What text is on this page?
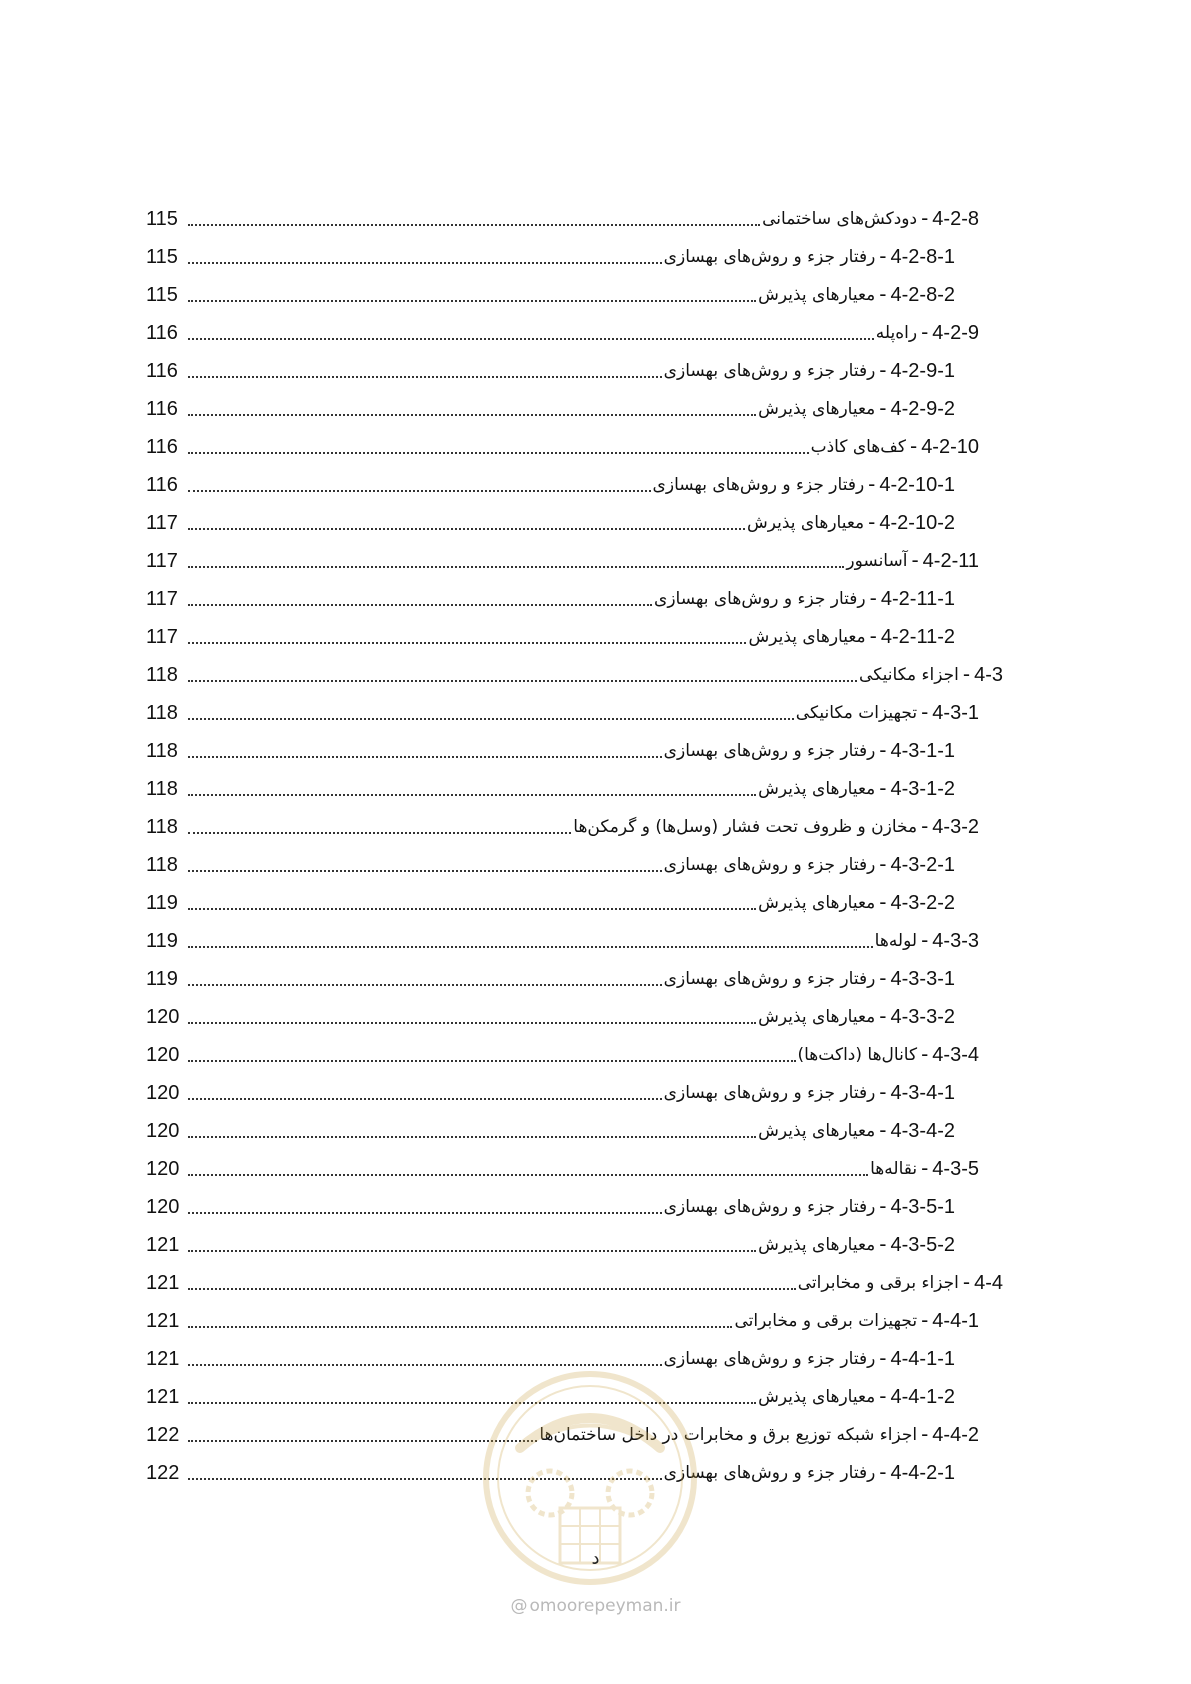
4-2-8
-
دودکش‌های ساختمانی
115
4-2-8-1
-
رفتار جزء و روش‌های بهسازی
115
4-2-8-2
-
معیارهای پذیرش
115
4-2-9
-
راه‌پله
116
4-2-9-1
-
رفتار جزء و روش‌های بهسازی
116
4-2-9-2
-
معیارهای پذیرش
116
4-2-10
-
کف‌های کاذب
116
4-2-10-1
-
رفتار جزء و روش‌های بهسازی
116
4-2-10-2
-
معیارهای پذیرش
117
4-2-11
-
آسانسور
117
4-2-11-1
-
رفتار جزء و روش‌های بهسازی
117
4-2-11-2
-
معیارهای پذیرش
117
4-3
-
اجزاء مکانیکی
118
4-3-1
-
تجهیزات مکانیکی
118
4-3-1-1
-
رفتار جزء و روش‌های بهسازی
118
4-3-1-2
-
معیارهای پذیرش
118
4-3-2
-
مخازن و ظروف تحت فشار (وسل‌ها) و گرمکن‌ها
118
4-3-2-1
-
رفتار جزء و روش‌های بهسازی
118
4-3-2-2
-
معیارهای پذیرش
119
4-3-3
-
لوله‌ها
119
4-3-3-1
-
رفتار جزء و روش‌های بهسازی
119
4-3-3-2
-
معیارهای پذیرش
120
4-3-4
-
کانال‌ها (داکت‌ها)
120
4-3-4-1
-
رفتار جزء و روش‌های بهسازی
120
4-3-4-2
-
معیارهای پذیرش
120
4-3-5
-
نقاله‌ها
120
4-3-5-1
-
رفتار جزء و روش‌های بهسازی
120
4-3-5-2
-
معیارهای پذیرش
121
4-4
-
اجزاء برقی و مخابراتی
121
4-4-1
-
تجهیزات برقی و مخابراتی
121
4-4-1-1
-
رفتار جزء و روش‌های بهسازی
121
4-4-1-2
-
معیارهای پذیرش
121
4-4-2
-
اجزاء شبکه توزیع برق و مخابرات در داخل ساختمان‌ها
122
4-4-2-1
-
رفتار جزء و روش‌های بهسازی
122
د
@ omoorepeyman.ir
